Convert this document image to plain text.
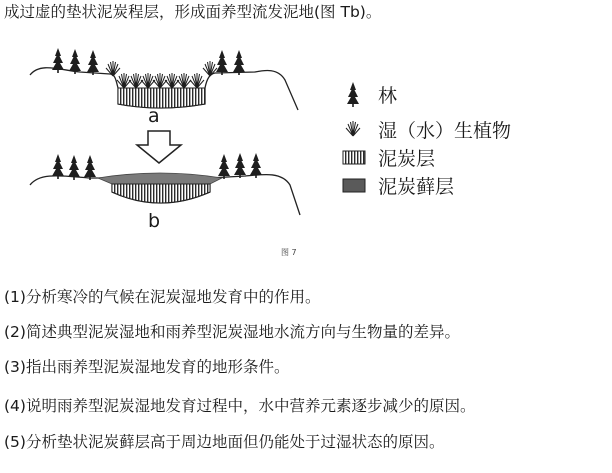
成过虚的垫状泥炭程层，形成面养型流发泥地(图 Tb)。
林
湿（水）生植物
泥炭层
泥炭藓层
a
b
图 7
(1)分析寒冷的气候在泥炭湿地发育中的作用。
(2)简述典型泥炭湿地和雨养型泥炭湿地水流方向与生物量的差异。
(3)指出雨养型泥炭湿地发育的地形条件。
(4)说明雨养型泥炭湿地发育过程中，水中营养元素逐步减少的原因。
(5)分析垫状泥炭藓层高于周边地面但仍能处于过湿状态的原因。
